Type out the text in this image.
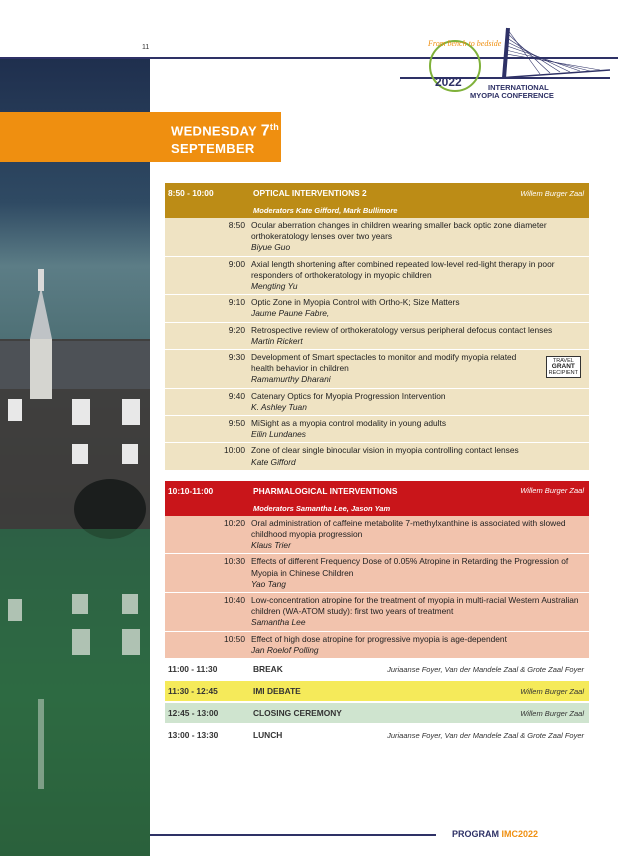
11	From bench to bedside
2022	INTERNATIONAL
MYOPIA CONFERENCE
WEDNESDAY 7th
SEPTEMBER
8:50 - 10:00	OPTICAL INTERVENTIONS 2	Willem Burger Zaal
Moderators Kate Gifford, Mark Bullimore
8:50 Ocular aberration changes in children wearing smaller back optic zone diameter orthokeratology lenses over two years
Biyue Guo
9:00 Axial length shortening after combined repeated low-level red-light therapy in poor responders of orthokeratology in myopic children
Mengting Yu
9:10 Optic Zone in Myopia Control with Ortho-K; Size Matters
Jaume Paune Fabre,
9:20 Retrospective review of orthokeratology versus peripheral defocus contact lenses
Martin Rickert
9:30 Development of Smart spectacles to monitor and modify myopia related health behavior in children
Ramamurthy Dharani
TRAVEL
GRANT
RECIPIENT
9:40 Catenary Optics for Myopia Progression Intervention
K. Ashley Tuan
9:50 MiSight as a myopia control modality in young adults
Eilin Lundanes
10:00 Zone of clear single binocular vision in myopia controlling contact lenses
Kate Gifford
10:10-11:00	PHARMALOGICAL INTERVENTIONS	Willem Burger Zaal
Moderators Samantha Lee, Jason Yam
10:20 Oral administration of caffeine metabolite 7-methylxanthine is associated with slowed childhood myopia progression
Klaus Trier
10:30 Effects of different Frequency Dose of 0.05% Atropine in Retarding the Progression of Myopia in Chinese Children
Yao Tang
10:40 Low-concentration atropine for the treatment of myopia in multi-racial Western Australian children (WA-ATOM study): first two years of treatment
Samantha Lee
10:50 Effect of high dose atropine for progressive myopia is age-dependent
Jan Roelof Polling
11:00 - 11:30	BREAK	Juriaanse Foyer, Van der Mandele Zaal & Grote Zaal Foyer
11:30 - 12:45	IMI DEBATE	Willem Burger Zaal
12:45 - 13:00	CLOSING CEREMONY	Willem Burger Zaal
13:00 - 13:30	LUNCH	Juriaanse Foyer, Van der Mandele Zaal & Grote Zaal Foyer
PROGRAM IMC2022
